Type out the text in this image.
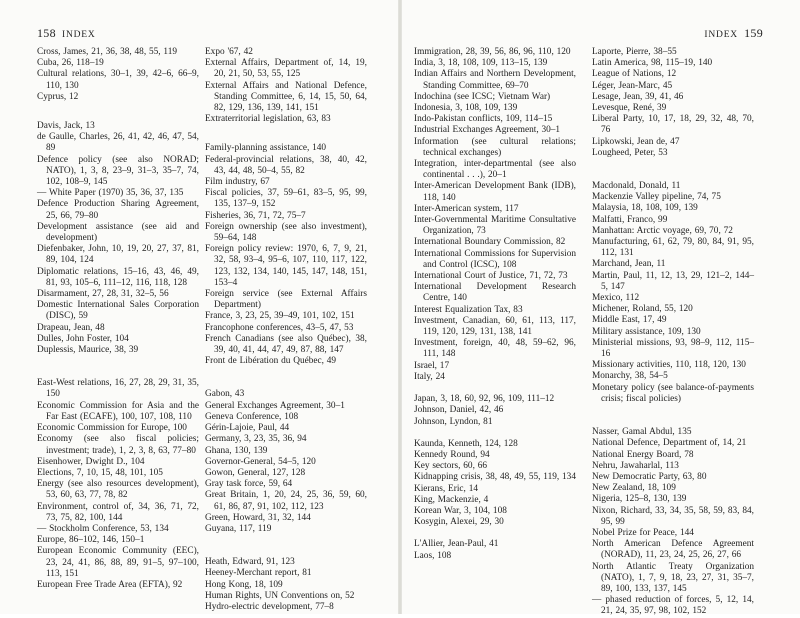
158 INDEX
Cross, James, 21, 36, 38, 48, 55, 119
Cuba, 26, 118–19
Cultural relations, 30–1, 39, 42–6, 66–9, 110, 130
Cyprus, 12
Davis, Jack, 13
de Gaulle, Charles, 26, 41, 42, 46, 47, 54, 89
Defence policy (see also NORAD; NATO), 1, 3, 8, 23–9, 31–3, 35–7, 74, 102, 108–9, 145
— White Paper (1970) 35, 36, 37, 135
Defence Production Sharing Agreement, 25, 66, 79–80
Development assistance (see aid and development)
Diefenbaker, John, 10, 19, 20, 27, 37, 81, 89, 104, 124
Diplomatic relations, 15–16, 43, 46, 49, 81, 93, 105–6, 111–12, 116, 118, 128
Disarmament, 27, 28, 31, 32–5, 56
Domestic International Sales Corporation (DISC), 59
Drapeau, Jean, 48
Dulles, John Foster, 104
Duplessis, Maurice, 38, 39
East-West relations, 16, 27, 28, 29, 31, 35, 150
Economic Commission for Asia and the Far East (ECAFE), 100, 107, 108, 110
Economic Commission for Europe, 100
Economy (see also fiscal policies; investment; trade), 1, 2, 3, 8, 63, 77–80
Eisenhower, Dwight D., 104
Elections, 7, 10, 15, 48, 101, 105
Energy (see also resources development), 53, 60, 63, 77, 78, 82
Environment, control of, 34, 36, 71, 72, 73, 75, 82, 100, 144
— Stockholm Conference, 53, 134
Europe, 86–102, 146, 150–1
European Economic Community (EEC), 23, 24, 41, 86, 88, 89, 91–5, 97–100, 113, 151
European Free Trade Area (EFTA), 92
Expo '67, 42
External Affairs, Department of, 14, 19, 20, 21, 50, 53, 55, 125
External Affairs and National Defence, Standing Committee, 6, 14, 15, 50, 64, 82, 129, 136, 139, 141, 151
Extraterritorial legislation, 63, 83
Family-planning assistance, 140
Federal-provincial relations, 38, 40, 42, 43, 44, 48, 50–4, 55, 82
Film industry, 67
Fiscal policies, 37, 59–61, 83–5, 95, 99, 135, 137–9, 152
Fisheries, 36, 71, 72, 75–7
Foreign ownership (see also investment), 59–64, 148
Foreign policy review: 1970, 6, 7, 9, 21, 32, 58, 93–4, 95–6, 107, 110, 117, 122, 123, 132, 134, 140, 145, 147, 148, 151, 153–4
Foreign service (see External Affairs Department)
France, 3, 23, 25, 39–49, 101, 102, 151
Francophone conferences, 43–5, 47, 53
French Canadians (see also Québec), 38, 39, 40, 41, 44, 47, 49, 87, 88, 147
Front de Libération du Québec, 49
Gabon, 43
General Exchanges Agreement, 30–1
Geneva Conference, 108
Gérin-Lajoie, Paul, 44
Germany, 3, 23, 35, 36, 94
Ghana, 130, 139
Governor-General, 54–5, 120
Gowon, General, 127, 128
Gray task force, 59, 64
Great Britain, 1, 20, 24, 25, 36, 59, 60, 61, 86, 87, 91, 102, 112, 123
Green, Howard, 31, 32, 144
Guyana, 117, 119
Heath, Edward, 91, 123
Heeney-Merchant report, 81
Hong Kong, 18, 109
Human Rights, UN Conventions on, 52
Hydro-electric development, 77–8
INDEX 159
Immigration, 28, 39, 56, 86, 96, 110, 120
India, 3, 18, 108, 109, 113–15, 139
Indian Affairs and Northern Development, Standing Committee, 69–70
Indochina (see ICSC; Vietnam War)
Indonesia, 3, 108, 109, 139
Indo-Pakistan conflicts, 109, 114–15
Industrial Exchanges Agreement, 30–1
Information (see cultural relations; technical exchanges)
Integration, inter-departmental (see also continental . . .), 20–1
Inter-American Development Bank (IDB), 118, 140
Inter-American system, 117
Inter-Governmental Maritime Consultative Organization, 73
International Boundary Commission, 82
International Commissions for Supervision and Control (ICSC), 108
International Court of Justice, 71, 72, 73
International Development Research Centre, 140
Interest Equalization Tax, 83
Investment, Canadian, 60, 61, 113, 117, 119, 120, 129, 131, 138, 141
Investment, foreign, 40, 48, 59–62, 96, 111, 148
Israel, 17
Italy, 24
Japan, 3, 18, 60, 92, 96, 109, 111–12
Johnson, Daniel, 42, 46
Johnson, Lyndon, 81
Kaunda, Kenneth, 124, 128
Kennedy Round, 94
Key sectors, 60, 66
Kidnapping crisis, 38, 48, 49, 55, 119, 134
Kierans, Eric, 14
King, Mackenzie, 4
Korean War, 3, 104, 108
Kosygin, Alexei, 29, 30
L'Allier, Jean-Paul, 41
Laos, 108
Laporte, Pierre, 38–55
Latin America, 98, 115–19, 140
League of Nations, 12
Léger, Jean-Marc, 45
Lesage, Jean, 39, 41, 46
Levesque, René, 39
Liberal Party, 10, 17, 18, 29, 32, 48, 70, 76
Lipkowski, Jean de, 47
Lougheed, Peter, 53
Macdonald, Donald, 11
Mackenzie Valley pipeline, 74, 75
Malaysia, 18, 108, 109, 139
Malfatti, Franco, 99
Manhattan: Arctic voyage, 69, 70, 72
Manufacturing, 61, 62, 79, 80, 84, 91, 95, 112, 131
Marchand, Jean, 11
Martin, Paul, 11, 12, 13, 29, 121–2, 144–5, 147
Mexico, 112
Michener, Roland, 55, 120
Middle East, 17, 49
Military assistance, 109, 130
Ministerial missions, 93, 98–9, 112, 115–16
Missionary activities, 110, 118, 120, 130
Monarchy, 38, 54–5
Monetary policy (see balance-of-payments crisis; fiscal policies)
Nasser, Gamal Abdul, 135
National Defence, Department of, 14, 21
National Energy Board, 78
Nehru, Jawaharlal, 113
New Democratic Party, 63, 80
New Zealand, 18, 109
Nigeria, 125–8, 130, 139
Nixon, Richard, 33, 34, 35, 58, 59, 83, 84, 95, 99
Nobel Prize for Peace, 144
North American Defence Agreement (NORAD), 11, 23, 24, 25, 26, 27, 66
North Atlantic Treaty Organization (NATO), 1, 7, 9, 18, 23, 27, 31, 35–7, 89, 100, 133, 137, 145
— phased reduction of forces, 5, 12, 14, 21, 24, 35, 97, 98, 102, 152
